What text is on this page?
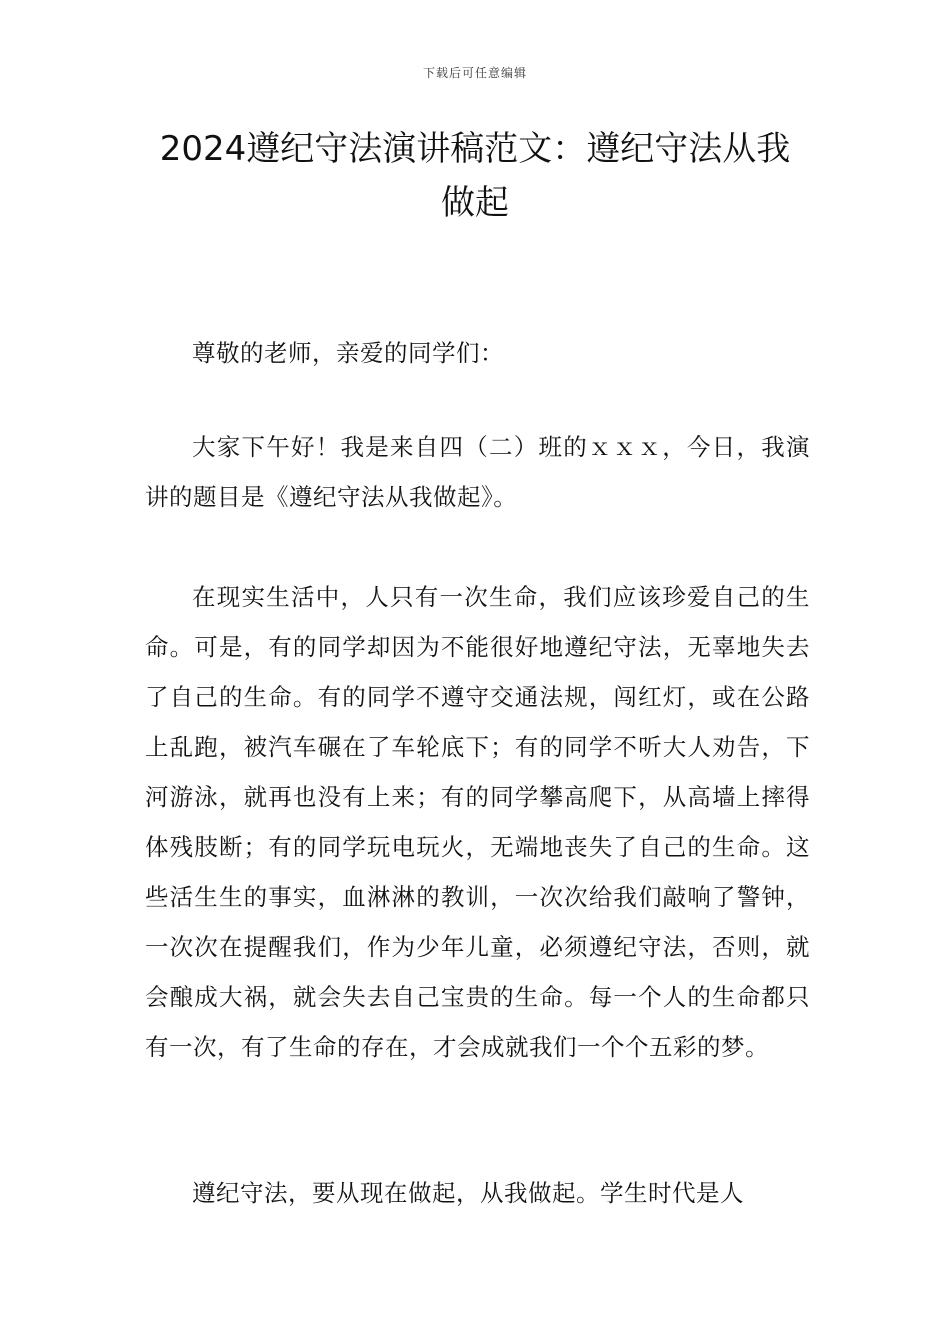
下载后可任意编辑
2024遵纪守法演讲稿范文：遵纪守法从我做起

尊敬的老师，亲爱的同学们：

大家下午好！我是来自四（二）班的ｘｘｘ，今日，我演讲的题目是《遵纪守法从我做起》。

在现实生活中，人只有一次生命，我们应该珍爱自己的生命。可是，有的同学却因为不能很好地遵纪守法，无辜地失去了自己的生命。有的同学不遵守交通法规，闯红灯，或在公路上乱跑，被汽车碾在了车轮底下；有的同学不听大人劝告，下河游泳，就再也没有上来；有的同学攀高爬下，从高墙上摔得体残肢断；有的同学玩电玩火，无端地丧失了自己的生命。这些活生生的事实，血淋淋的教训，一次次给我们敲响了警钟，一次次在提醒我们，作为少年儿童，必须遵纪守法，否则，就会酿成大祸，就会失去自己宝贵的生命。每一个人的生命都只有一次，有了生命的存在，才会成就我们一个个五彩的梦。

遵纪守法，要从现在做起，从我做起。学生时代是人
